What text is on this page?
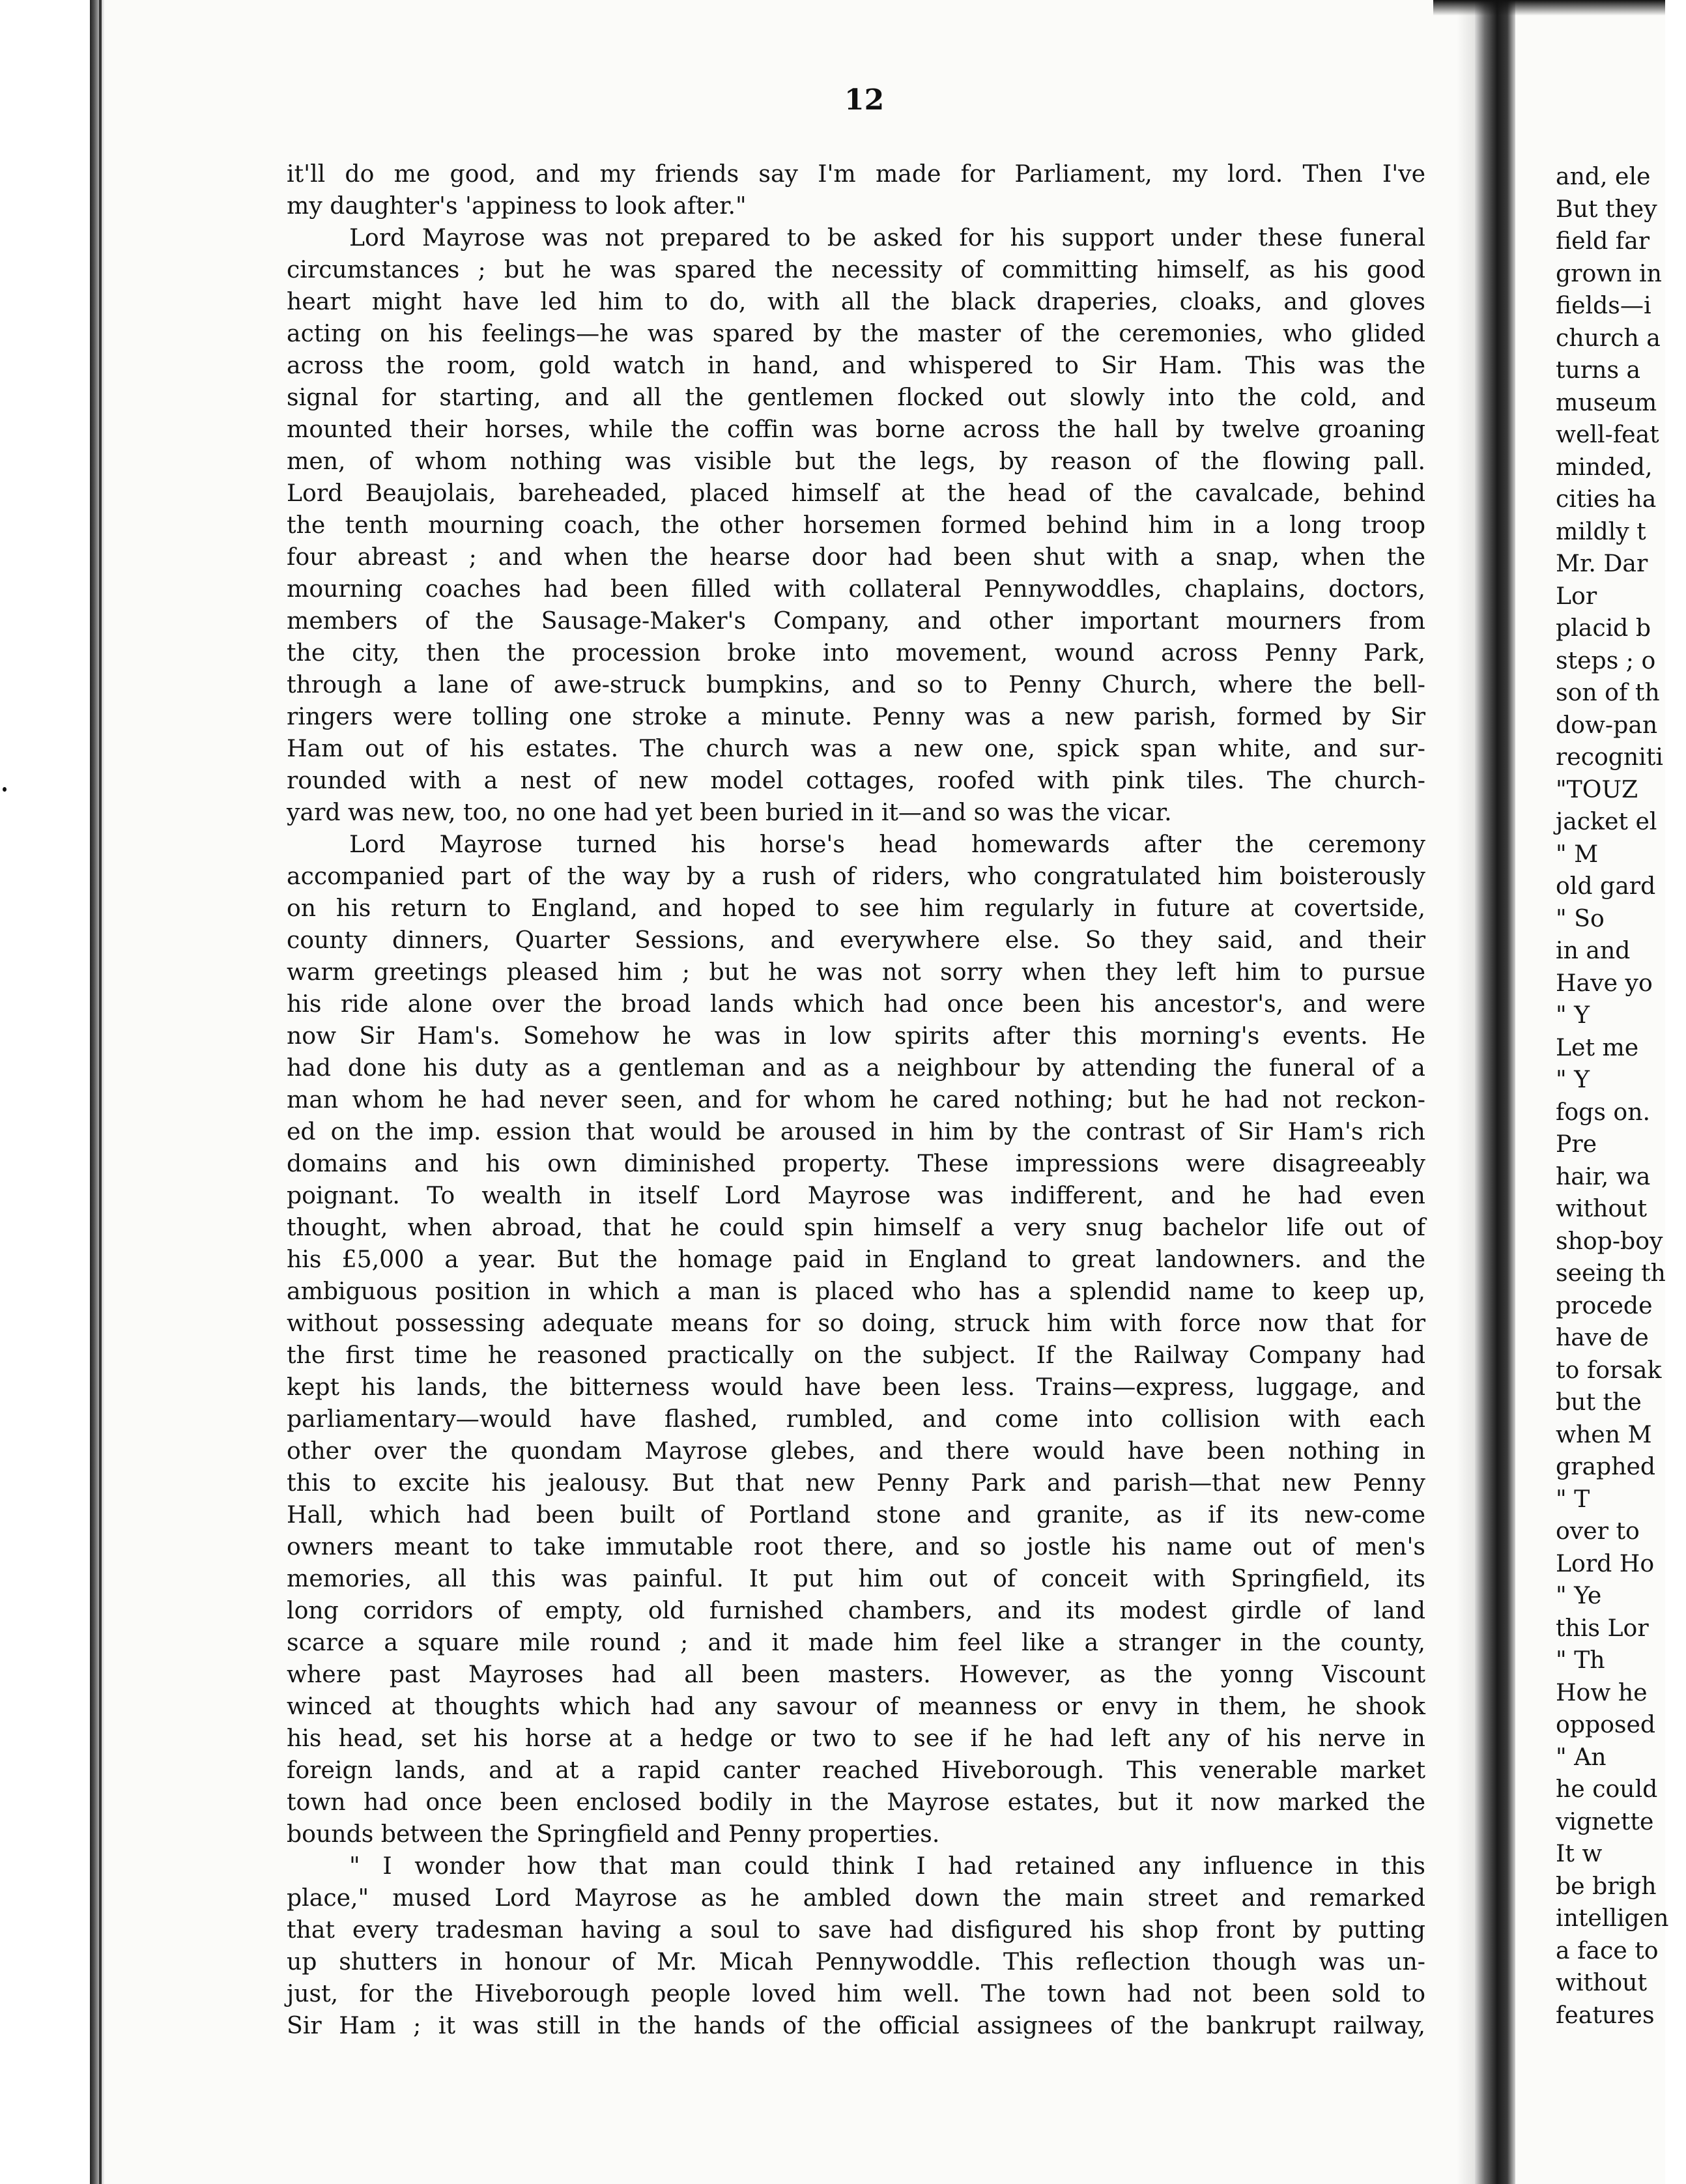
12
it'll do me good, and my friends say I'm made for Parliament, my lord. Then I've
my daughter's 'appiness to look after."
Lord Mayrose was not prepared to be asked for his support under these funeral
circumstances ; but he was spared the necessity of committing himself, as his good
heart might have led him to do, with all the black draperies, cloaks, and gloves
acting on his feelings—he was spared by the master of the ceremonies, who glided
across the room, gold watch in hand, and whispered to Sir Ham. This was the
signal for starting, and all the gentlemen flocked out slowly into the cold, and
mounted their horses, while the coffin was borne across the hall by twelve groaning
men, of whom nothing was visible but the legs, by reason of the flowing pall.
Lord Beaujolais, bareheaded, placed himself at the head of the cavalcade, behind
the tenth mourning coach, the other horsemen formed behind him in a long troop
four abreast ; and when the hearse door had been shut with a snap, when the
mourning coaches had been filled with collateral Pennywoddles, chaplains, doctors,
members of the Sausage-Maker's Company, and other important mourners from
the city, then the procession broke into movement, wound across Penny Park,
through a lane of awe-struck bumpkins, and so to Penny Church, where the bell-
ringers were tolling one stroke a minute. Penny was a new parish, formed by Sir
Ham out of his estates. The church was a new one, spick span white, and sur-
rounded with a nest of new model cottages, roofed with pink tiles. The church-
yard was new, too, no one had yet been buried in it—and so was the vicar.
Lord Mayrose turned his horse's head homewards after the ceremony
accompanied part of the way by a rush of riders, who congratulated him boisterously
on his return to England, and hoped to see him regularly in future at covertside,
county dinners, Quarter Sessions, and everywhere else. So they said, and their
warm greetings pleased him ; but he was not sorry when they left him to pursue
his ride alone over the broad lands which had once been his ancestor's, and were
now Sir Ham's. Somehow he was in low spirits after this morning's events. He
had done his duty as a gentleman and as a neighbour by attending the funeral of a
man whom he had never seen, and for whom he cared nothing; but he had not reckon-
ed on the imp. ession that would be aroused in him by the contrast of Sir Ham's rich
domains and his own diminished property. These impressions were disagreeably
poignant. To wealth in itself Lord Mayrose was indifferent, and he had even
thought, when abroad, that he could spin himself a very snug bachelor life out of
his £5,000 a year. But the homage paid in England to great landowners. and the
ambiguous position in which a man is placed who has a splendid name to keep up,
without possessing adequate means for so doing, struck him with force now that for
the first time he reasoned practically on the subject. If the Railway Company had
kept his lands, the bitterness would have been less. Trains—express, luggage, and
parliamentary—would have flashed, rumbled, and come into collision with each
other over the quondam Mayrose glebes, and there would have been nothing in
this to excite his jealousy. But that new Penny Park and parish—that new Penny
Hall, which had been built of Portland stone and granite, as if its new-come
owners meant to take immutable root there, and so jostle his name out of men's
memories, all this was painful. It put him out of conceit with Springfield, its
long corridors of empty, old furnished chambers, and its modest girdle of land
scarce a square mile round ; and it made him feel like a stranger in the county,
where past Mayroses had all been masters. However, as the yonng Viscount
winced at thoughts which had any savour of meanness or envy in them, he shook
his head, set his horse at a hedge or two to see if he had left any of his nerve in
foreign lands, and at a rapid canter reached Hiveborough. This venerable market
town had once been enclosed bodily in the Mayrose estates, but it now marked the
bounds between the Springfield and Penny properties.
" I wonder how that man could think I had retained any influence in this
place," mused Lord Mayrose as he ambled down the main street and remarked
that every tradesman having a soul to save had disfigured his shop front by putting
up shutters in honour of Mr. Micah Pennywoddle. This reflection though was un-
just, for the Hiveborough people loved him well. The town had not been sold to
Sir Ham ; it was still in the hands of the official assignees of the bankrupt railway,
and, ele
But they
field far
grown in
fields—i
church a
turns a
museum
well-feat
minded,
cities ha
mildly t
Mr. Dar
Lor
placid b
steps ; o
son of th
dow-pan
recogniti
"TOUZ
jacket el
" M
old gard
" So
in and
Have yo
" Y
Let me
" Y
fogs on.
Pre
hair, wa
without
shop-boy
seeing th
procede
have de
to forsak
but the
when M
graphed
" T
over to
Lord Ho
" Ye
this Lor
" Th
How he
opposed
" An
he could
vignette
It w
be brigh
intelligen
a face to
without
features
